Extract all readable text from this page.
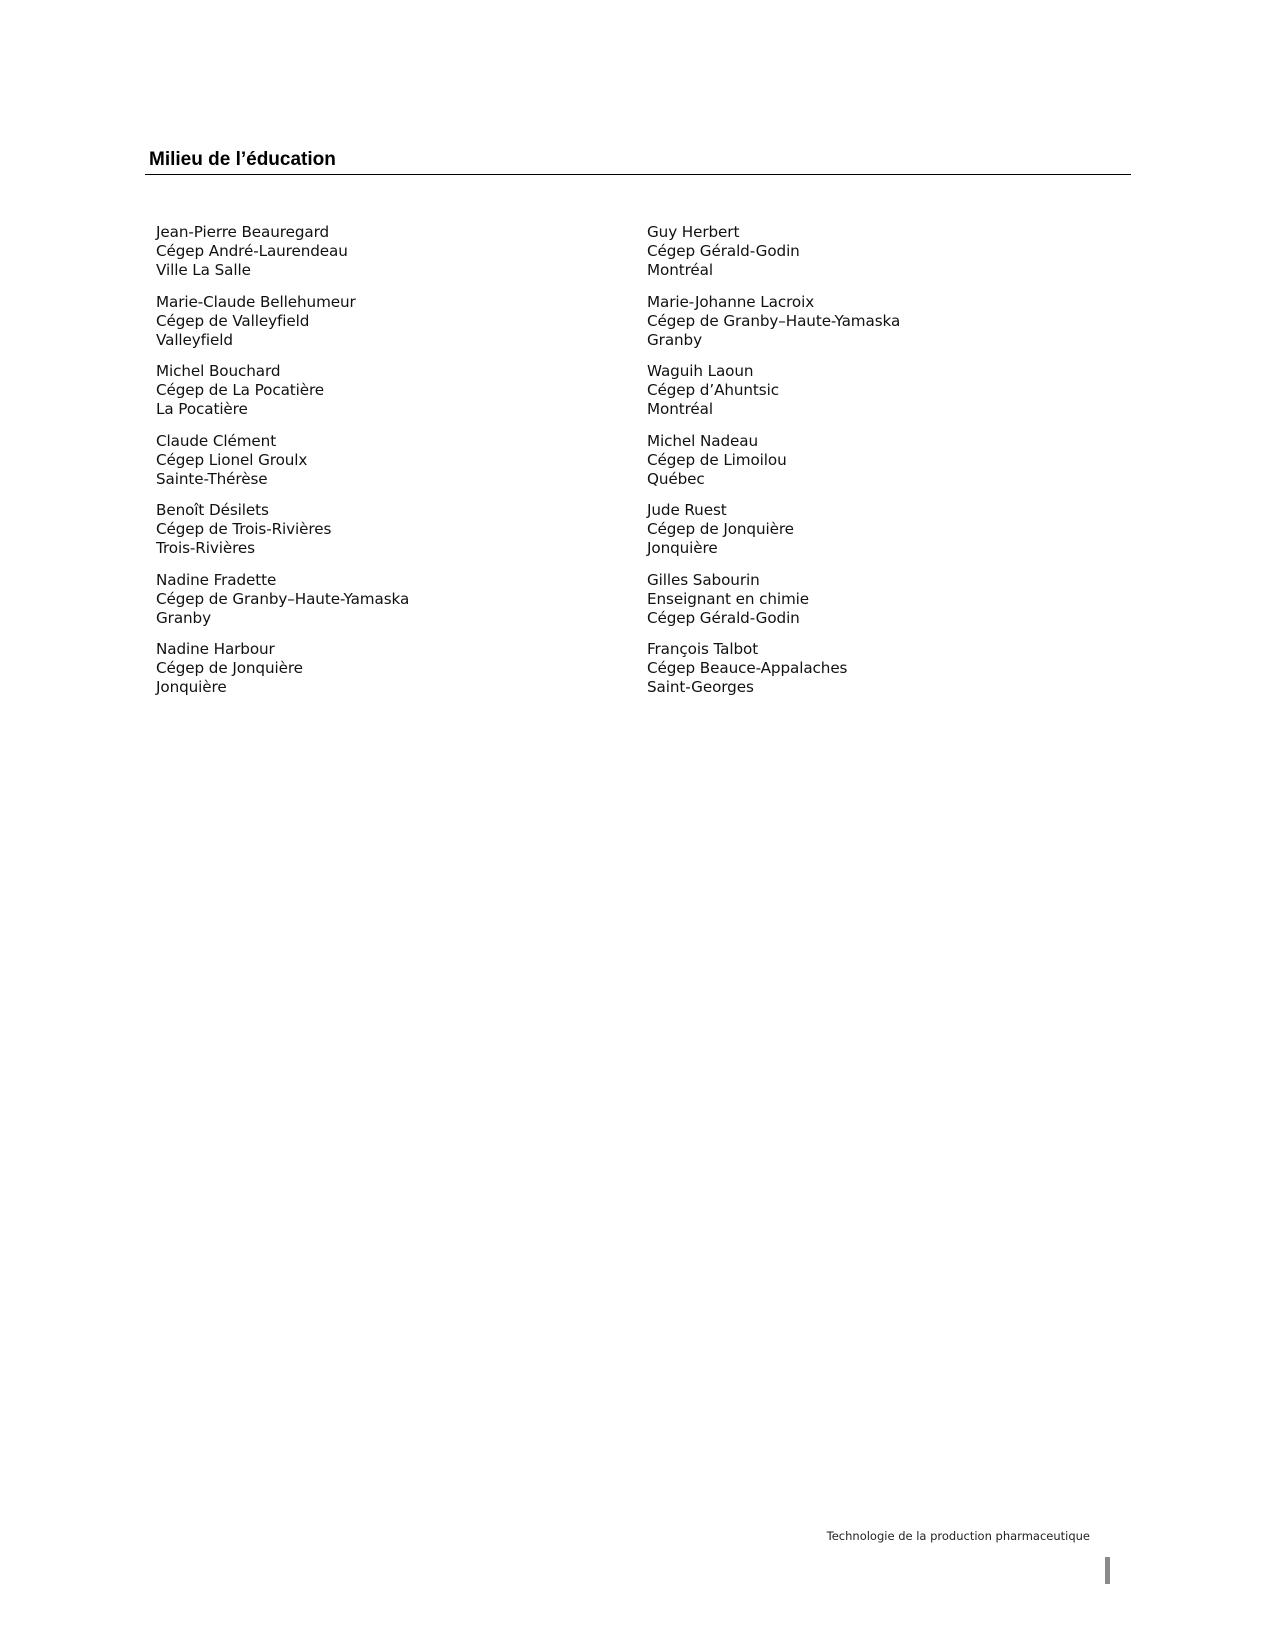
Milieu de l’éducation
Jean-Pierre Beauregard
Cégep André-Laurendeau
Ville La Salle
Marie-Claude Bellehumeur
Cégep de Valleyfield
Valleyfield
Michel Bouchard
Cégep de La Pocatière
La Pocatière
Claude Clément
Cégep Lionel Groulx
Sainte-Thérèse
Benoît Désilets
Cégep de Trois-Rivières
Trois-Rivières
Nadine Fradette
Cégep de Granby–Haute-Yamaska
Granby
Nadine Harbour
Cégep de Jonquière
Jonquière
Guy Herbert
Cégep Gérald-Godin
Montréal
Marie-Johanne Lacroix
Cégep de Granby–Haute-Yamaska
Granby
Waguih Laoun
Cégep d’Ahuntsic
Montréal
Michel Nadeau
Cégep de Limoilou
Québec
Jude Ruest
Cégep de Jonquière
Jonquière
Gilles Sabourin
Enseignant en chimie
Cégep Gérald-Godin
François Talbot
Cégep Beauce-Appalaches
Saint-Georges
Technologie de la production pharmaceutique
